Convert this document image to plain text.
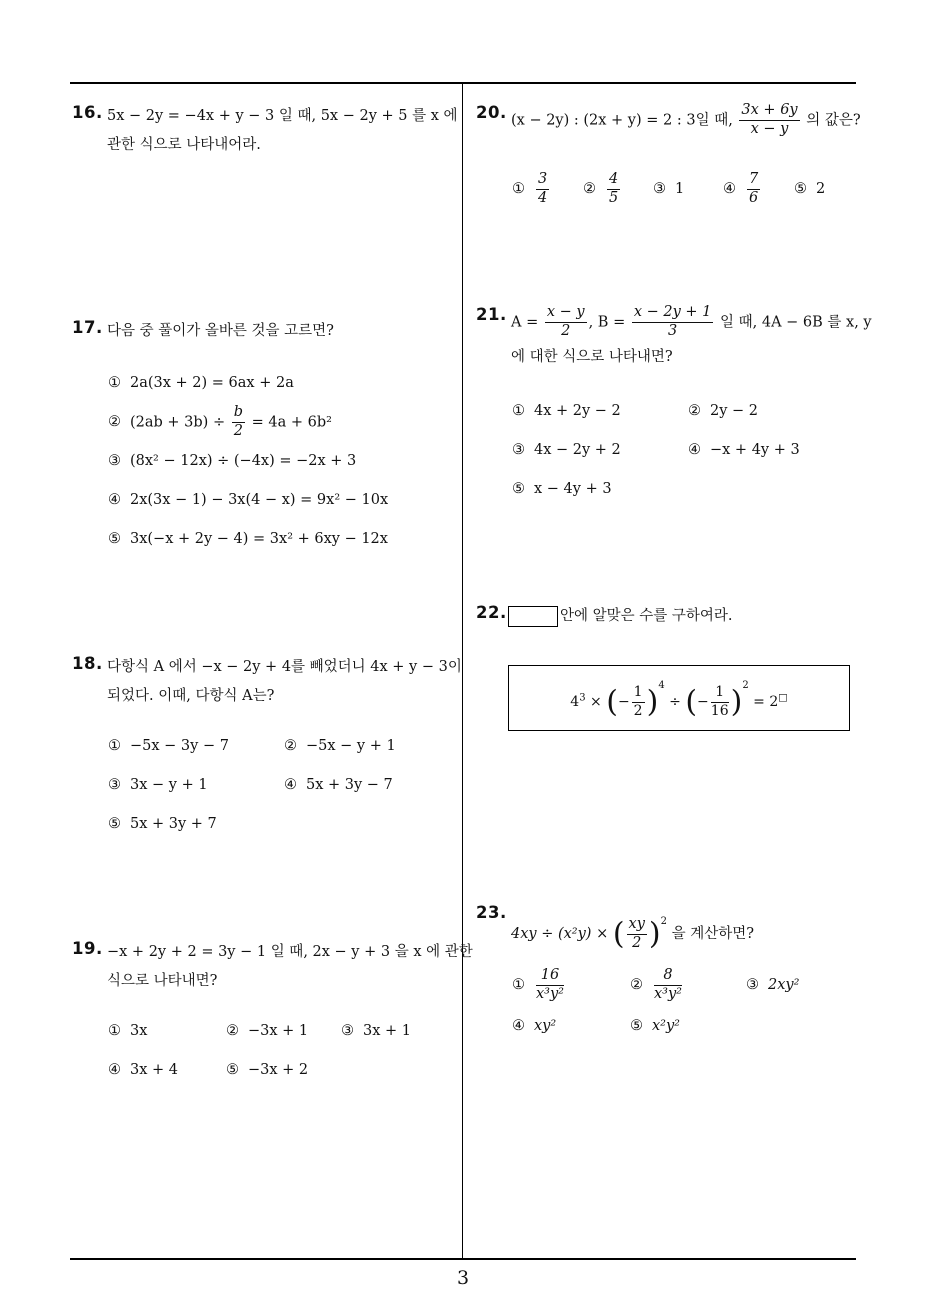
3
16. 5x − 2y = −4x + y − 3 일 때, 5x − 2y + 5 를 x 에
관한 식으로 나타내어라.
17. 다음 중 풀이가 올바른 것을 고르면?
① 2a(3x + 2) = 6ax + 2a
② $(2ab + 3b) \div \frac{b}{2} = 4a + 6b^2$
③ (8x² − 12x) ÷ (−4x) = −2x + 3
④ 2x(3x − 1) − 3x(4 − x) = 9x² − 10x
⑤ 3x(−x + 2y − 4) = 3x² + 6xy − 12x
18. 다항식 A 에서 −x − 2y + 4를 빼었더니 4x + y − 3이
되었다. 이때, 다항식 A는?
① −5x − 3y − 7	② −5x − y + 1
③ 3x − y + 1	④ 5x + 3y − 7
⑤ 5x + 3y + 7
19. −x + 2y + 2 = 3y − 1 일 때, 2x − y + 3 을 x 에 관한
식으로 나타내면?
① 3x	② −3x + 1 ③ 3x + 1
④ 3x + 4	⑤ −3x + 2
20. (x − 2y) : (2x + y) = 2 : 3일 때, $\frac{3x + 6y}{x - y}$ 의 값은?
① $\frac{3}{4}$ ② $\frac{4}{5}$ ③ 1	④ $\frac{7}{6}$ ⑤ 2
21. $A = \frac{x - y}{2}$ , $B = \frac{x - 2y + 1}{3}$ 일 때, 4A − 6B 를 x, y
에 대한 식으로 나타내면?
① 4x + 2y − 2	② 2y − 2
③ 4x − 2y + 2	④ −x + 4y + 3
⑤ x − 4y + 3
22.	안에 알맞은 수를 구하여라.
$4^3$ × (− $\frac{1}{2} )^4$ ÷ (− $\frac{1}{16} )^2 = 2^□$
23.
4xy ÷ (x²y) × ( $\frac{xy}{2} )^2$ 을 계산하면?
① $\frac{16}{\text{x³y²}}$	② $\frac{8}{\text{x³y²}}$	③ 2xy²
④ xy²	⑤ x²y²
